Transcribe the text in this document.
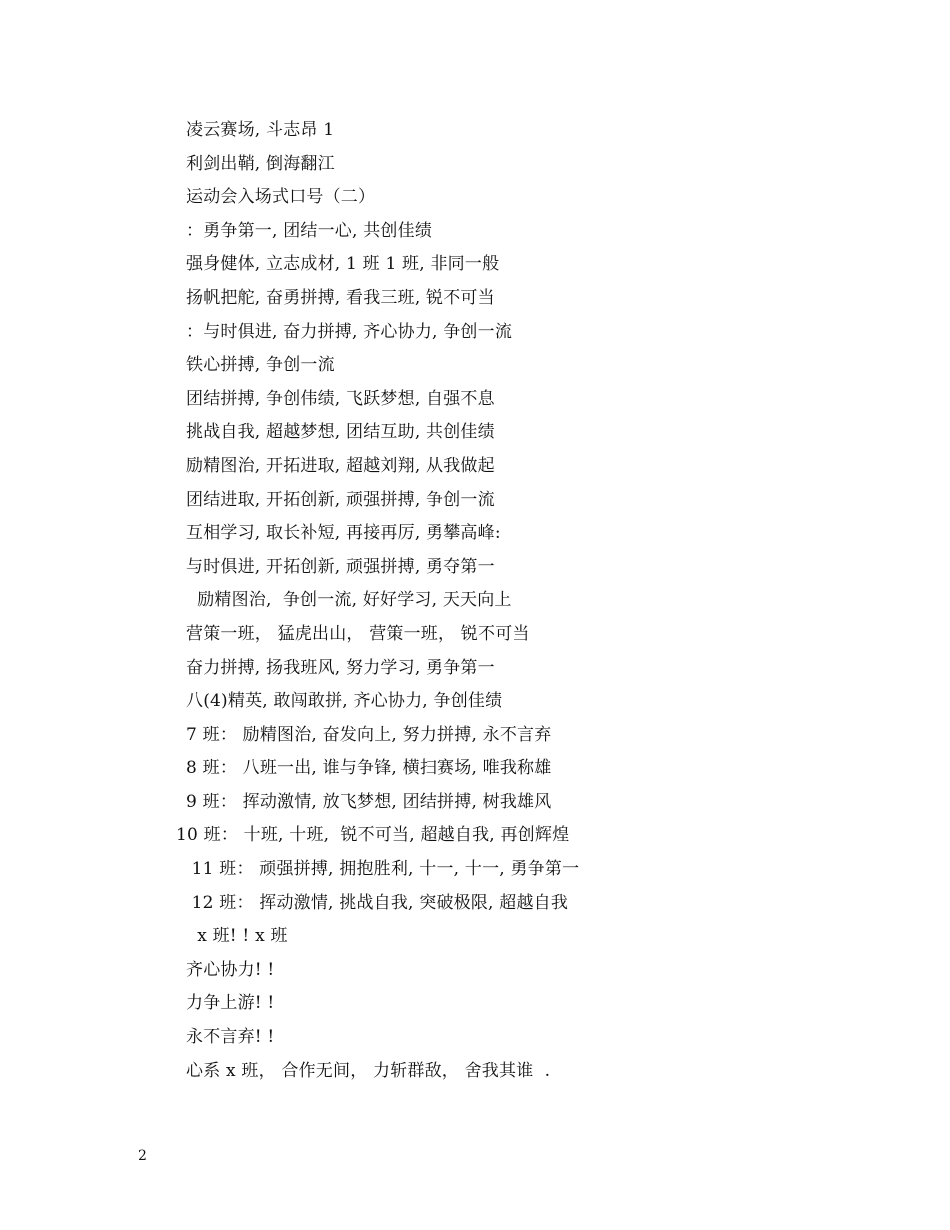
凌云赛场, 斗志昂 1
利剑出鞘, 倒海翻江
运动会入场式口号（二）
：勇争第一, 团结一心, 共创佳绩
强身健体, 立志成材, 1 班 1 班, 非同一般
扬帆把舵, 奋勇拼搏, 看我三班, 锐不可当
：与时俱进, 奋力拼搏, 齐心协力, 争创一流
铁心拼搏, 争创一流
团结拼搏, 争创伟绩, 飞跃梦想, 自强不息
挑战自我, 超越梦想, 团结互助, 共创佳绩
励精图治, 开拓进取, 超越刘翔, 从我做起
团结进取, 开拓创新, 顽强拼搏, 争创一流
互相学习, 取长补短, 再接再厉, 勇攀高峰:
与时俱进, 开拓创新, 顽强拼搏, 勇夺第一
励精图治,  争创一流, 好好学习, 天天向上
营策一班， 猛虎出山， 营策一班， 锐不可当
奋力拼搏, 扬我班风, 努力学习, 勇争第一
八(4)精英, 敢闯敢拼, 齐心协力, 争创佳绩
7 班： 励精图治, 奋发向上, 努力拼搏, 永不言弃
8 班： 八班一出, 谁与争锋, 横扫赛场, 唯我称雄
9 班： 挥动激情, 放飞梦想, 团结拼搏, 树我雄风
10 班： 十班, 十班,  锐不可当, 超越自我, 再创辉煌
11 班： 顽强拼搏, 拥抱胜利, 十一, 十一, 勇争第一
12 班： 挥动激情, 挑战自我, 突破极限, 超越自我
x 班! ! x 班
齐心协力! !
力争上游! !
永不言弃! !
心系 x 班， 合作无间， 力斩群敌， 舍我其谁  .
2
